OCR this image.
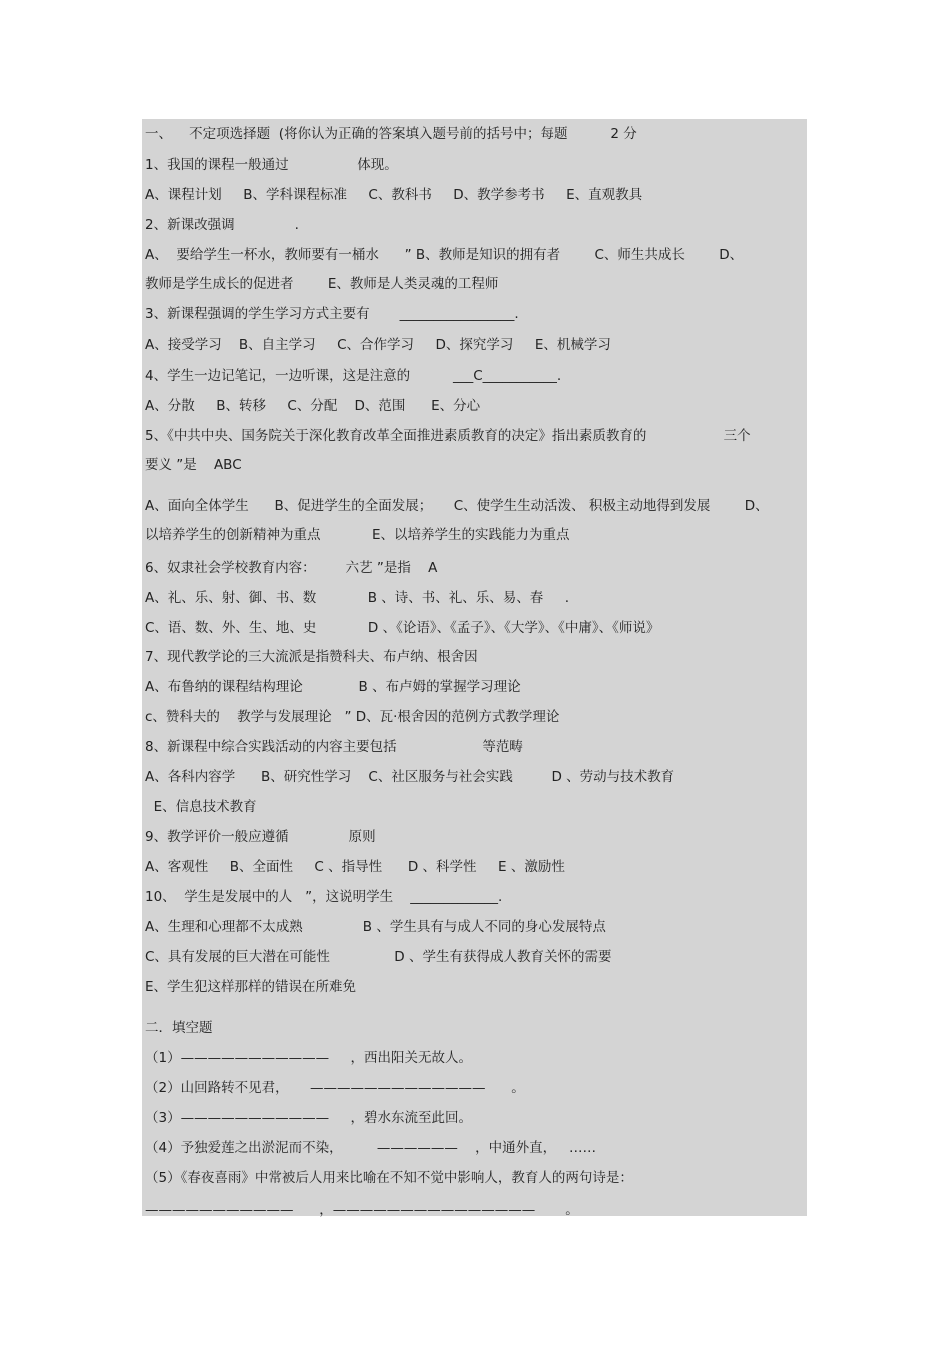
一、    不定项选择题  (将你认为正确的答案填入题号前的括号中；每题          2 分
1、我国的课程一般通过                体现。
A、课程计划     B、学科课程标准     C、教科书     D、教学参考书     E、直观教具
2、新课改强调              .
A、  要给学生一杯水，教师要有一桶水      ” B、教师是知识的拥有者        C、师生共成长        D、
教师是学生成长的促进者        E、教师是人类灵魂的工程师
3、新课程强调的学生学习方式主要有       _________________.
A、接受学习    B、自主学习     C、合作学习     D、探究学习     E、机械学习
4、学生一边记笔记，一边听课，这是注意的          ___C___________.
A、分散     B、转移     C、分配    D、范围      E、分心
5、《中共中央、国务院关于深化教育改革全面推进素质教育的决定》指出素质教育的                  三个
要义 ”是    ABC
A、面向全体学生      B、促进学生的全面发展；     C、使学生生动活泼、 积极主动地得到发展        D、
以培养学生的创新精神为重点            E、以培养学生的实践能力为重点
6、奴隶社会学校教育内容：       六艺 ”是指    A
A、礼、乐、射、御、书、数            B 、诗、书、礼、乐、易、春     .
C、语、数、外、生、地、史            D 、《论语》、《孟子》、《大学》、《中庸》、《师说》
7、现代教学论的三大流派是指赞科夫、布卢纳、根舍因
A、布鲁纳的课程结构理论             B 、布卢姆的掌握学习理论
c、赞科夫的    教学与发展理论   ” D、瓦·根舍因的范例方式教学理论
8、新课程中综合实践活动的内容主要包括                    等范畴
A、各科内容学      B、研究性学习    C、社区服务与社会实践         D 、劳动与技术教育
E、信息技术教育
9、教学评价一般应遵循              原则
A、客观性     B、全面性     C 、指导性      D 、科学性     E 、激励性
10、  学生是发展中的人   ”，这说明学生    _____________.
A、生理和心理都不太成熟              B 、学生具有与成人不同的身心发展特点
C、具有发展的巨大潜在可能性               D 、学生有获得成人教育关怀的需要
E、学生犯这样那样的错误在所难免
二．填空题
（1）———————————     ，西出阳关无故人。
（2）山回路转不见君，     —————————————      。
（3）———————————     ，碧水东流至此回。
（4）予独爱莲之出淤泥而不染，        ——————    ，中通外直，   ……
（5）《春夜喜雨》中常被后人用来比喻在不知不觉中影响人，教育人的两句诗是：
———————————      ，———————————————       。
